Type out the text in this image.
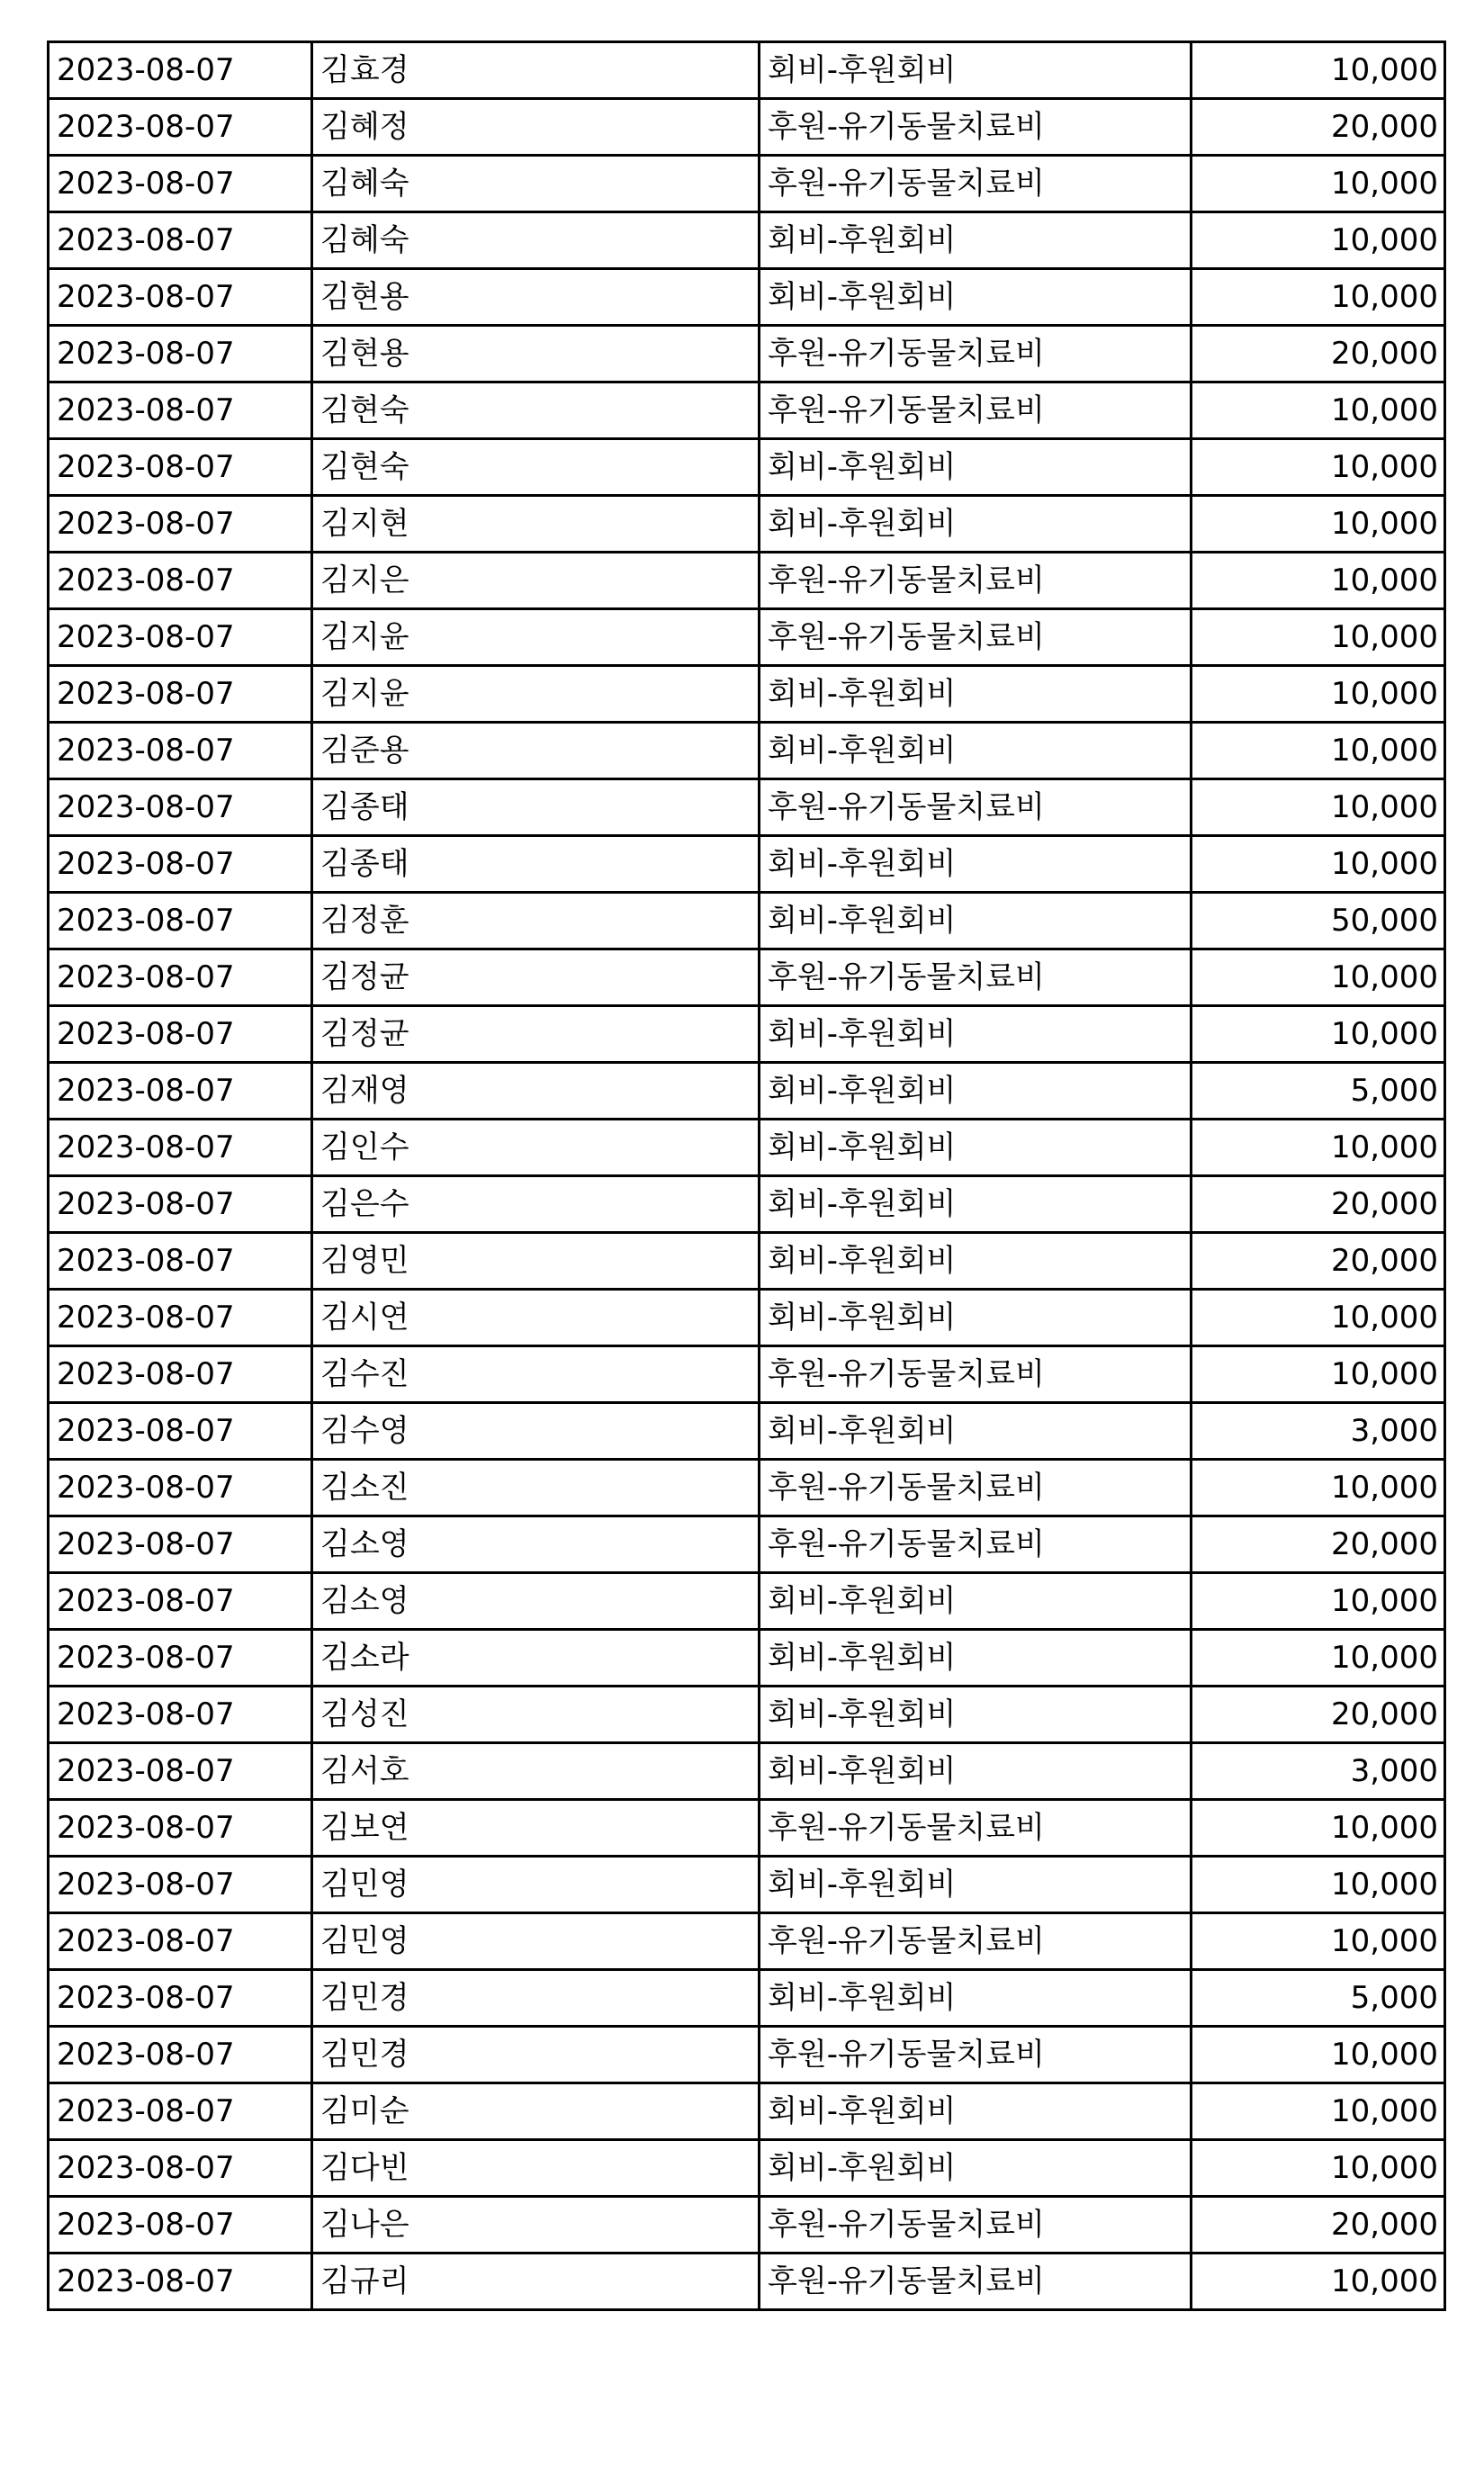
2023-08-07	김효경	회비-후원회비	10,000
2023-08-07	김혜정	후원-유기동물치료비	20,000
2023-08-07	김혜숙	후원-유기동물치료비	10,000
2023-08-07	김혜숙	회비-후원회비	10,000
2023-08-07	김현용	회비-후원회비	10,000
2023-08-07	김현용	후원-유기동물치료비	20,000
2023-08-07	김현숙	후원-유기동물치료비	10,000
2023-08-07	김현숙	회비-후원회비	10,000
2023-08-07	김지현	회비-후원회비	10,000
2023-08-07	김지은	후원-유기동물치료비	10,000
2023-08-07	김지윤	후원-유기동물치료비	10,000
2023-08-07	김지윤	회비-후원회비	10,000
2023-08-07	김준용	회비-후원회비	10,000
2023-08-07	김종태	후원-유기동물치료비	10,000
2023-08-07	김종태	회비-후원회비	10,000
2023-08-07	김정훈	회비-후원회비	50,000
2023-08-07	김정균	후원-유기동물치료비	10,000
2023-08-07	김정균	회비-후원회비	10,000
2023-08-07	김재영	회비-후원회비	5,000
2023-08-07	김인수	회비-후원회비	10,000
2023-08-07	김은수	회비-후원회비	20,000
2023-08-07	김영민	회비-후원회비	20,000
2023-08-07	김시연	회비-후원회비	10,000
2023-08-07	김수진	후원-유기동물치료비	10,000
2023-08-07	김수영	회비-후원회비	3,000
2023-08-07	김소진	후원-유기동물치료비	10,000
2023-08-07	김소영	후원-유기동물치료비	20,000
2023-08-07	김소영	회비-후원회비	10,000
2023-08-07	김소라	회비-후원회비	10,000
2023-08-07	김성진	회비-후원회비	20,000
2023-08-07	김서호	회비-후원회비	3,000
2023-08-07	김보연	후원-유기동물치료비	10,000
2023-08-07	김민영	회비-후원회비	10,000
2023-08-07	김민영	후원-유기동물치료비	10,000
2023-08-07	김민경	회비-후원회비	5,000
2023-08-07	김민경	후원-유기동물치료비	10,000
2023-08-07	김미순	회비-후원회비	10,000
2023-08-07	김다빈	회비-후원회비	10,000
2023-08-07	김나은	후원-유기동물치료비	20,000
2023-08-07	김규리	후원-유기동물치료비	10,000
